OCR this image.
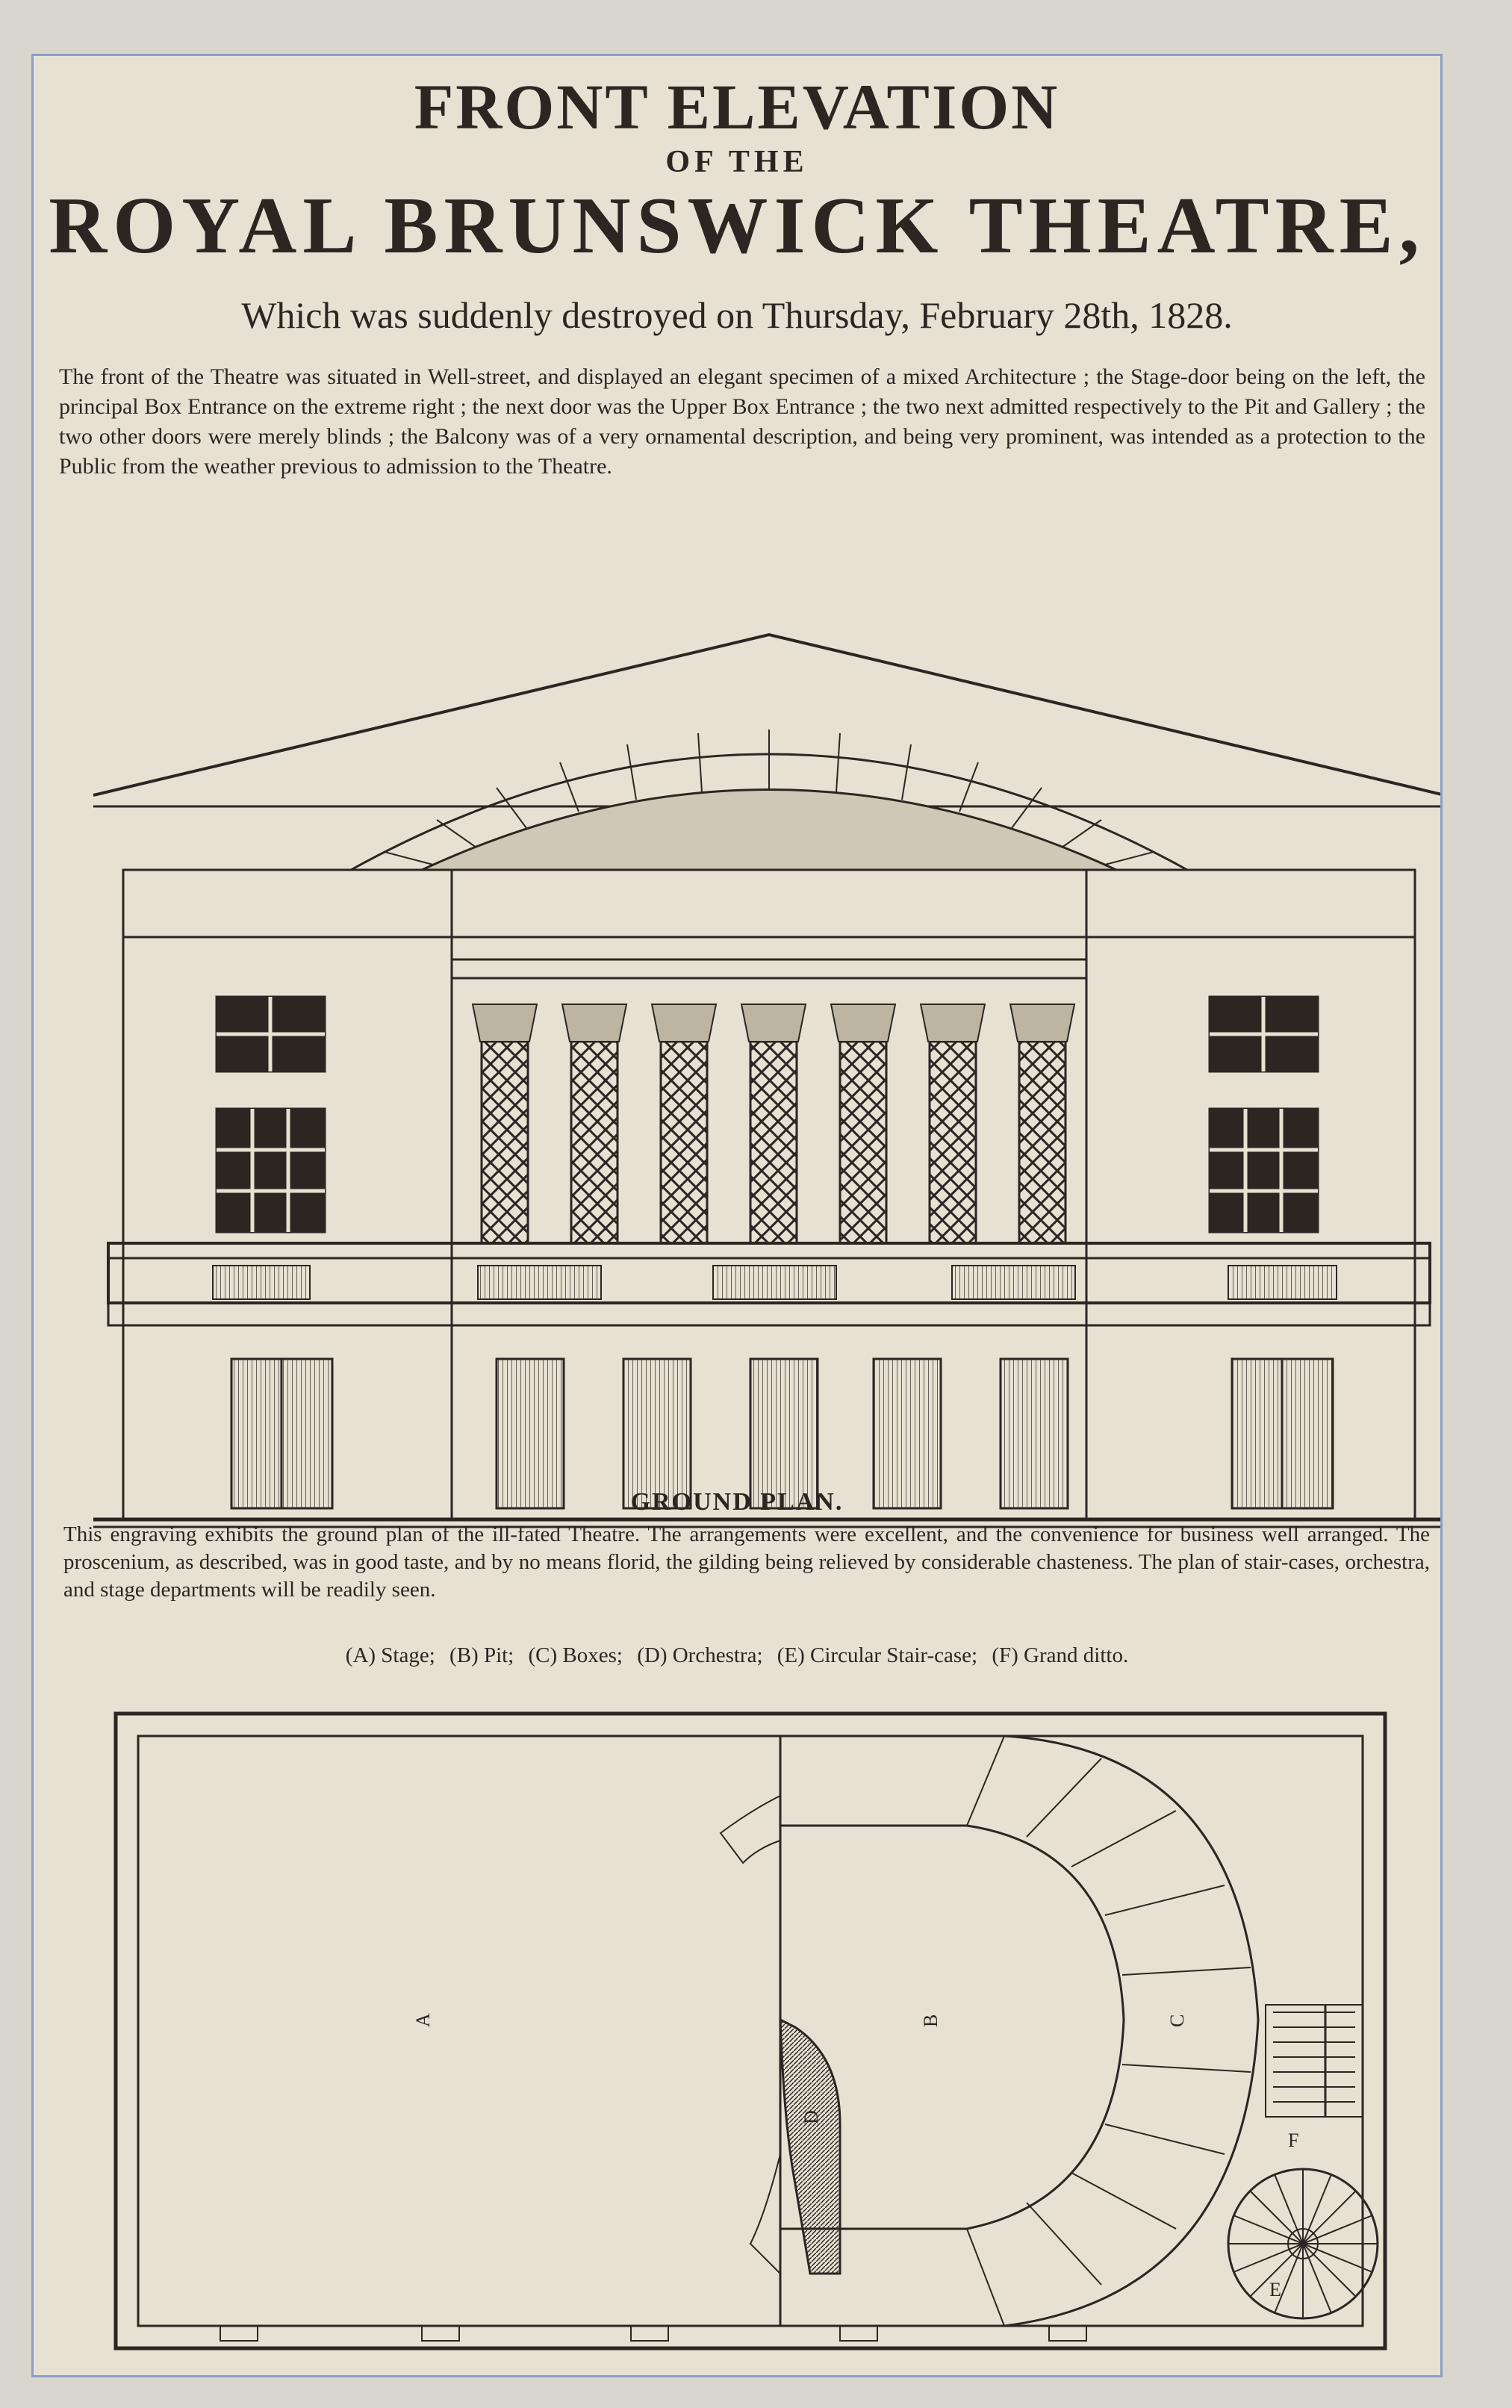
FRONT ELEVATION
OF THE
ROYAL BRUNSWICK THEATRE,
Which was suddenly destroyed on Thursday, February 28th, 1828.
The front of the Theatre was situated in Well-street, and displayed an elegant specimen of a mixed Architecture ; the Stage-door being on the left, the principal Box Entrance on the extreme right ; the next door was the Upper Box Entrance ; the two next admitted respectively to the Pit and Gallery ; the two other doors were merely blinds ; the Balcony was of a very ornamental description, and being very prominent, was intended as a protection to the Public from the weather previous to admission to the Theatre.
GROUND PLAN.
This engraving exhibits the ground plan of the ill-fated Theatre. The arrangements were excellent, and the convenience for business well arranged. The proscenium, as described, was in good taste, and by no means florid, the gilding being relieved by considerable chasteness. The plan of stair-cases, orchestra, and stage departments will be readily seen.
(A) Stage; (B) Pit; (C) Boxes; (D) Orchestra; (E) Circular Stair-case; (F) Grand ditto.
A	B	C
D
E
F
